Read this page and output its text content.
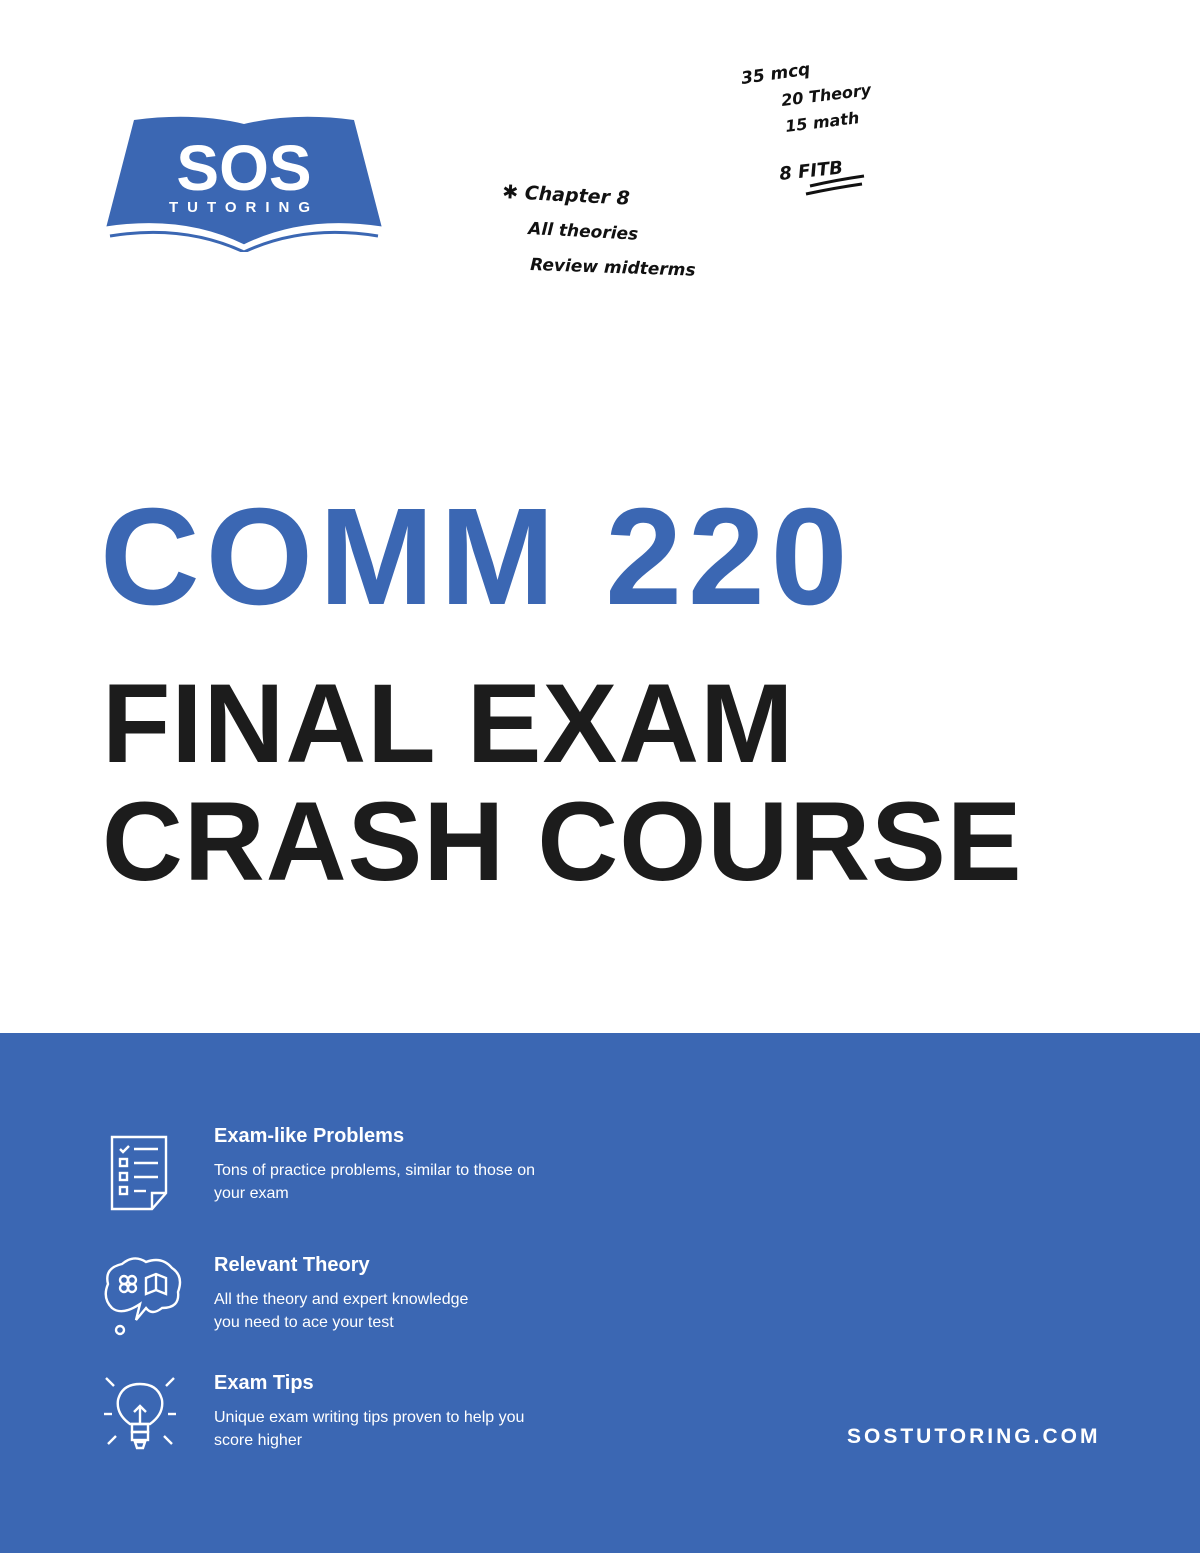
SOS
TUTORING	✱ Chapter 8
All theories
Review midterms
35 mcq
20 Theory
15 math
8 FITB
COMM 220
FINAL EXAM
CRASH COURSE
Exam-like Problems
Tons of practice problems, similar to those on
your exam
Relevant Theory
All the theory and expert knowledge
you need to ace your test
Exam Tips
Unique exam writing tips proven to help you
score higher	SOSTUTORING.COM
